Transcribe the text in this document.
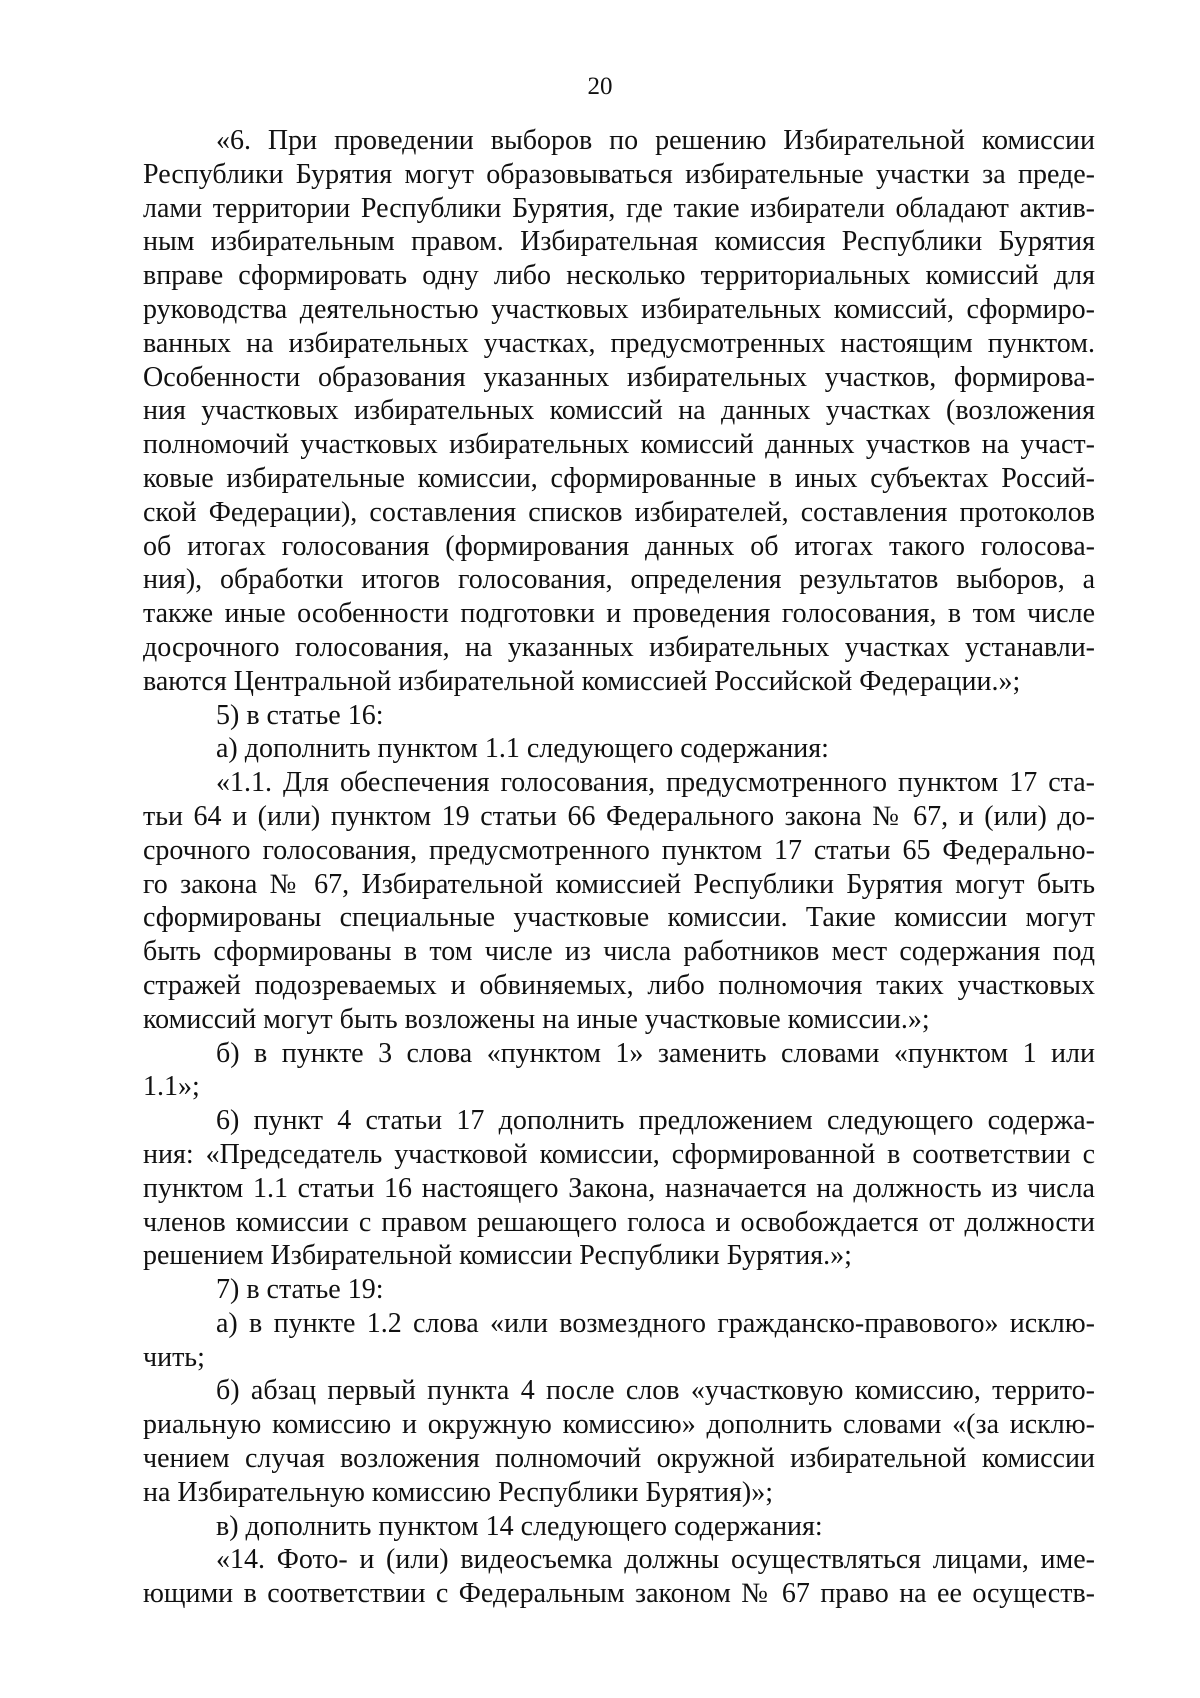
20
«6. При проведении выборов по решению Избирательной комиссии
Республики Бурятия могут образовываться избирательные участки за преде-
лами территории Республики Бурятия, где такие избиратели обладают актив-
ным избирательным правом. Избирательная комиссия Республики Бурятия
вправе сформировать одну либо несколько территориальных комиссий для
руководства деятельностью участковых избирательных комиссий, сформиро-
ванных на избирательных участках, предусмотренных настоящим пунктом.
Особенности образования указанных избирательных участков, формирова-
ния участковых избирательных комиссий на данных участках (возложения
полномочий участковых избирательных комиссий данных участков на участ-
ковые избирательные комиссии, сформированные в иных субъектах Россий-
ской Федерации), составления списков избирателей, составления протоколов
об итогах голосования (формирования данных об итогах такого голосова-
ния), обработки итогов голосования, определения результатов выборов, а
также иные особенности подготовки и проведения голосования, в том числе
досрочного голосования, на указанных избирательных участках устанавли-
ваются Центральной избирательной комиссией Российской Федерации.»;
5) в статье 16:
а) дополнить пунктом 1.1 следующего содержания:
«1.1. Для обеспечения голосования, предусмотренного пунктом 17 ста-
тьи 64 и (или) пунктом 19 статьи 66 Федерального закона № 67, и (или) до-
срочного голосования, предусмотренного пунктом 17 статьи 65 Федерально-
го закона № 67, Избирательной комиссией Республики Бурятия могут быть
сформированы специальные участковые комиссии. Такие комиссии могут
быть сформированы в том числе из числа работников мест содержания под
стражей подозреваемых и обвиняемых, либо полномочия таких участковых
комиссий могут быть возложены на иные участковые комиссии.»;
б) в пункте 3 слова «пунктом 1» заменить словами «пунктом 1 или
1.1»;
6) пункт 4 статьи 17 дополнить предложением следующего содержа-
ния: «Председатель участковой комиссии, сформированной в соответствии с
пунктом 1.1 статьи 16 настоящего Закона, назначается на должность из числа
членов комиссии с правом решающего голоса и освобождается от должности
решением Избирательной комиссии Республики Бурятия.»;
7) в статье 19:
а) в пункте 1.2 слова «или возмездного гражданско-правового» исклю-
чить;
б) абзац первый пункта 4 после слов «участковую комиссию, террито-
риальную комиссию и окружную комиссию» дополнить словами «(за исклю-
чением случая возложения полномочий окружной избирательной комиссии
на Избирательную комиссию Республики Бурятия)»;
в) дополнить пунктом 14 следующего содержания:
«14. Фото- и (или) видеосъемка должны осуществляться лицами, име-
ющими в соответствии с Федеральным законом № 67 право на ее осуществ-
